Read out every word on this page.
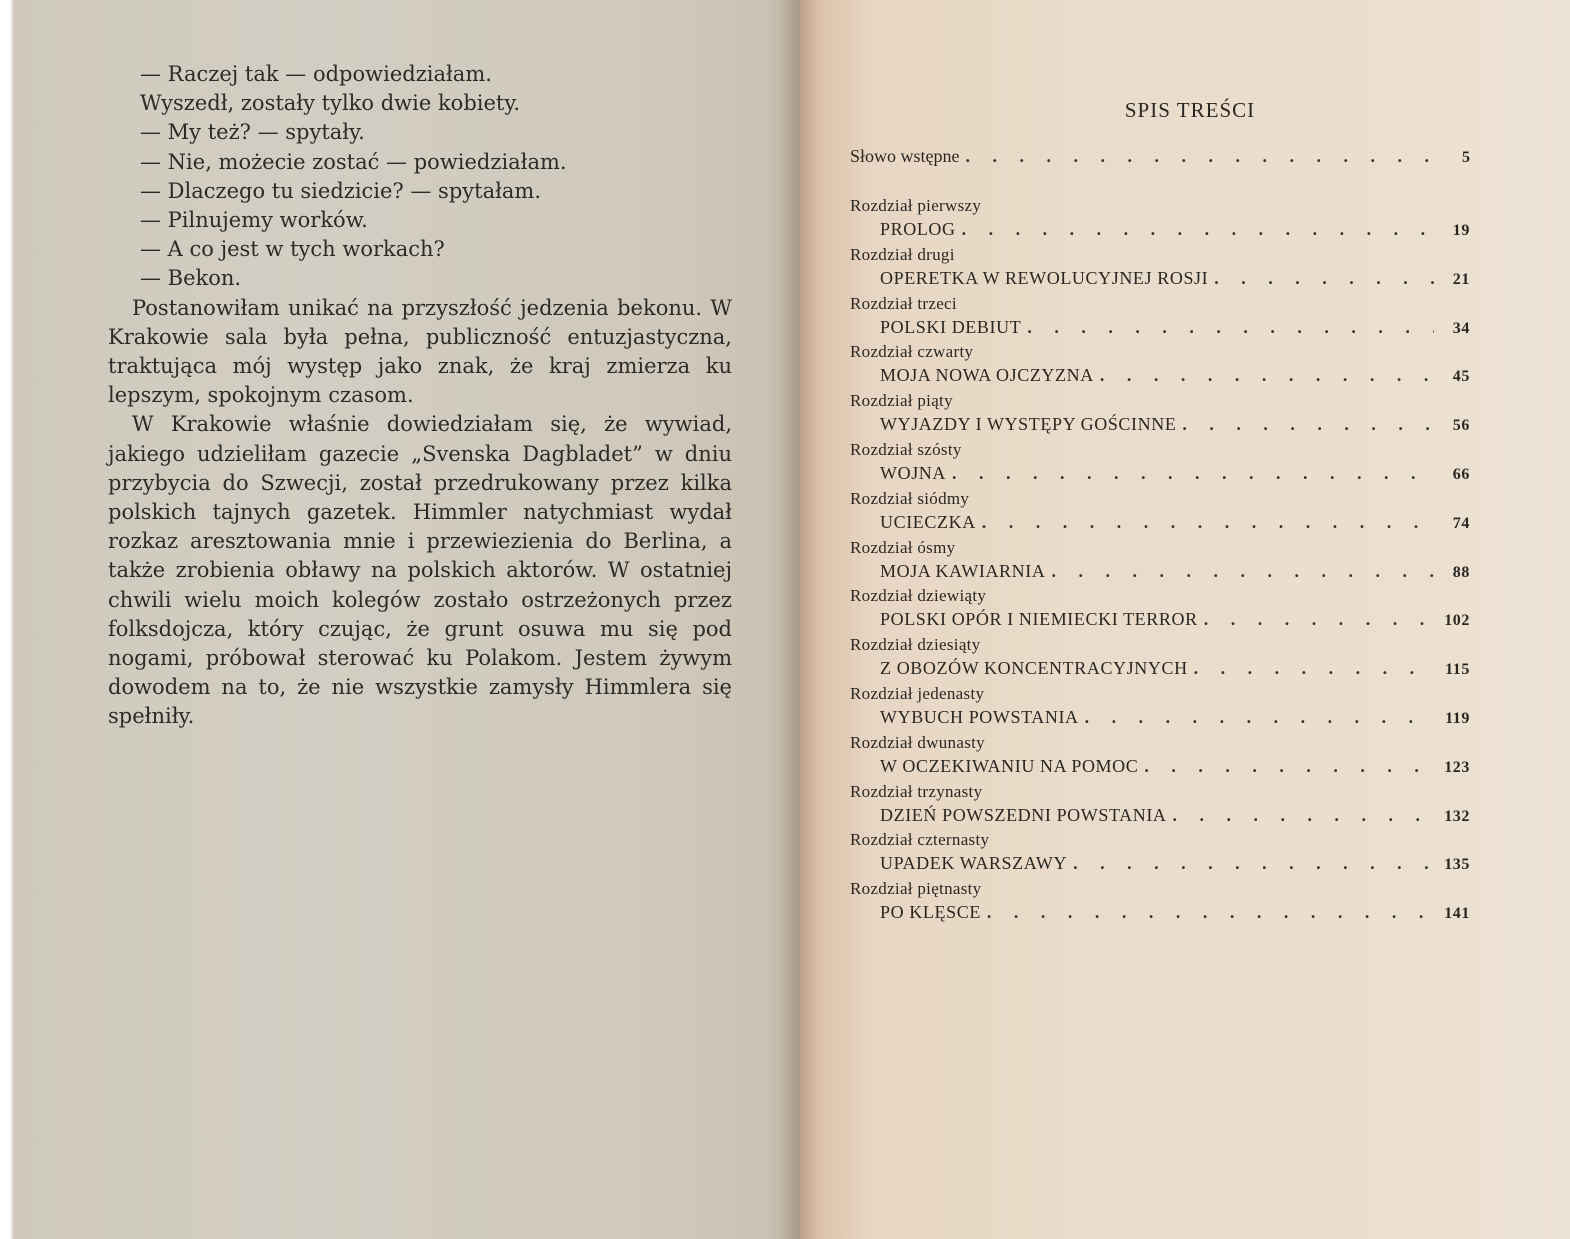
— Raczej tak — odpowiedziałam.

Wyszedł, zostały tylko dwie kobiety.

— My też? — spytały.

— Nie, możecie zostać — powiedziałam.

— Dlaczego tu siedzicie? — spytałam.

— Pilnujemy worków.

— A co jest w tych workach?

— Bekon.

Postanowiłam unikać na przyszłość jedzenia bekonu. W Krakowie sala była pełna, publiczność entuzjastyczna, traktująca mój występ jako znak, że kraj zmierza ku lepszym, spokojnym czasom.

W Krakowie właśnie dowiedziałam się, że wywiad, jakiego udzieliłam gazecie „Svenska Dagbladet” w dniu przybycia do Szwecji, został przedrukowany przez kilka polskich tajnych gazetek. Himmler natychmiast wydał rozkaz aresztowania mnie i przewiezienia do Berlina, a także zrobienia obławy na polskich aktorów. W ostatniej chwili wielu moich kolegów zostało ostrzeżonych przez folksdojcza, który czując, że grunt osuwa mu się pod nogami, próbował sterować ku Polakom. Jestem żywym dowodem na to, że nie wszystkie zamysły Himmlera się spełniły.

SPIS TREŚCI
Słowo wstępne . . .	5
Rozdział pierwszy
PROLOG . . .	19
Rozdział drugi
OPERETKA W REWOLUCYJNEJ ROSJI . . .	21
Rozdział trzeci
POLSKI DEBIUT . . .	34
Rozdział czwarty
MOJA NOWA OJCZYZNA . . .	45
Rozdział piąty
WYJAZDY I WYSTĘPY GOŚCINNE . . .	56
Rozdział szósty
WOJNA . . .	66
Rozdział siódmy
UCIECZKA . . .	74
Rozdział ósmy
MOJA KAWIARNIA . . .	88
Rozdział dziewiąty
POLSKI OPÓR I NIEMIECKI TERROR . . .	102
Rozdział dziesiąty
Z OBOZÓW KONCENTRACYJNYCH . . .	115
Rozdział jedenasty
WYBUCH POWSTANIA . . .	119
Rozdział dwunasty
W OCZEKIWANIU NA POMOC . . .	123
Rozdział trzynasty
DZIEŃ POWSZEDNI POWSTANIA . . .	132
Rozdział czternasty
UPADEK WARSZAWY . . .	135
Rozdział piętnasty
PO KLĘSCE . . .	141
